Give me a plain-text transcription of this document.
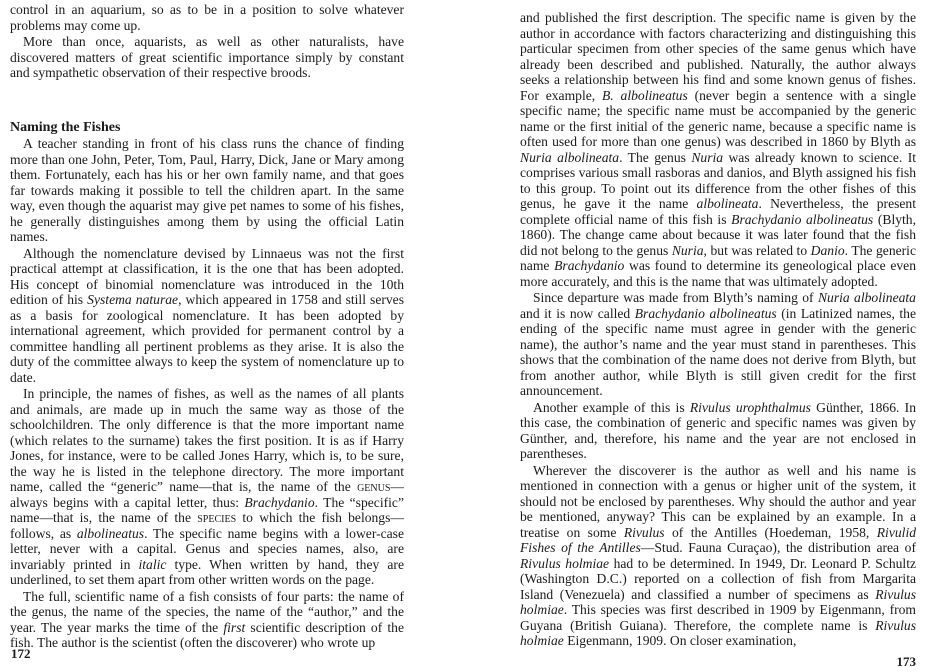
control in an aquarium, so as to be in a position to solve whatever problems may come up.

More than once, aquarists, as well as other naturalists, have discovered matters of great scientific importance simply by constant and sympathetic observation of their respective broods.

Naming the Fishes

A teacher standing in front of his class runs the chance of finding more than one John, Peter, Tom, Paul, Harry, Dick, Jane or Mary among them. Fortunately, each has his or her own family name, and that goes far towards making it possible to tell the children apart. In the same way, even though the aquarist may give pet names to some of his fishes, he generally distinguishes among them by using the official Latin names.

Although the nomenclature devised by Linnaeus was not the first practical attempt at classification, it is the one that has been adopted. His concept of binomial nomenclature was introduced in the 10th edition of his Systema naturae, which appeared in 1758 and still serves as a basis for zoological nomenclature. It has been adopted by international agreement, which provided for permanent control by a committee handling all pertinent problems as they arise. It is also the duty of the committee always to keep the system of nomenclature up to date.

In principle, the names of fishes, as well as the names of all plants and animals, are made up in much the same way as those of the schoolchildren. The only difference is that the more important name (which relates to the surname) takes the first position. It is as if Harry Jones, for instance, were to be called Jones Harry, which is, to be sure, the way he is listed in the telephone directory. The more important name, called the “generic” name—that is, the name of the genus—always begins with a capital letter, thus: Brachydanio. The “specific” name—that is, the name of the species to which the fish belongs—follows, as albolineatus. The specific name begins with a lower-case letter, never with a capital. Genus and species names, also, are invariably printed in italic type. When written by hand, they are underlined, to set them apart from other written words on the page.

The full, scientific name of a fish consists of four parts: the name of the genus, the name of the species, the name of the “author,” and the year. The year marks the time of the first scientific description of the fish. The author is the scientist (often the discoverer) who wrote up

172

and published the first description. The specific name is given by the author in accordance with factors characterizing and distinguishing this particular specimen from other species of the same genus which have already been described and published. Naturally, the author always seeks a relationship between his find and some known genus of fishes. For example, B. albolineatus (never begin a sentence with a single specific name; the specific name must be accompanied by the generic name or the first initial of the generic name, because a specific name is often used for more than one genus) was described in 1860 by Blyth as Nuria albolineata. The genus Nuria was already known to science. It comprises various small rasboras and danios, and Blyth assigned his fish to this group. To point out its difference from the other fishes of this genus, he gave it the name albolineata. Nevertheless, the present complete official name of this fish is Brachydanio albolineatus (Blyth, 1860). The change came about because it was later found that the fish did not belong to the genus Nuria, but was related to Danio. The generic name Brachydanio was found to determine its geneological place even more accurately, and this is the name that was ultimately adopted.

Since departure was made from Blyth’s naming of Nuria albolineata and it is now called Brachydanio albolineatus (in Latinized names, the ending of the specific name must agree in gender with the generic name), the author’s name and the year must stand in parentheses. This shows that the combination of the name does not derive from Blyth, but from another author, while Blyth is still given credit for the first announcement.

Another example of this is Rivulus urophthalmus Günther, 1866. In this case, the combination of generic and specific names was given by Günther, and, therefore, his name and the year are not enclosed in parentheses.

Wherever the discoverer is the author as well and his name is mentioned in connection with a genus or higher unit of the system, it should not be enclosed by parentheses. Why should the author and year be mentioned, anyway? This can be explained by an example. In a treatise on some Rivulus of the Antilles (Hoedeman, 1958, Rivulid Fishes of the Antilles—Stud. Fauna Curaçao), the distribution area of Rivulus holmiae had to be determined. In 1949, Dr. Leonard P. Schultz (Washington D.C.) reported on a collection of fish from Margarita Island (Venezuela) and classified a number of specimens as Rivulus holmiae. This species was first described in 1909 by Eigenmann, from Guyana (British Guiana). Therefore, the complete name is Rivulus holmiae Eigenmann, 1909. On closer examination,

173
